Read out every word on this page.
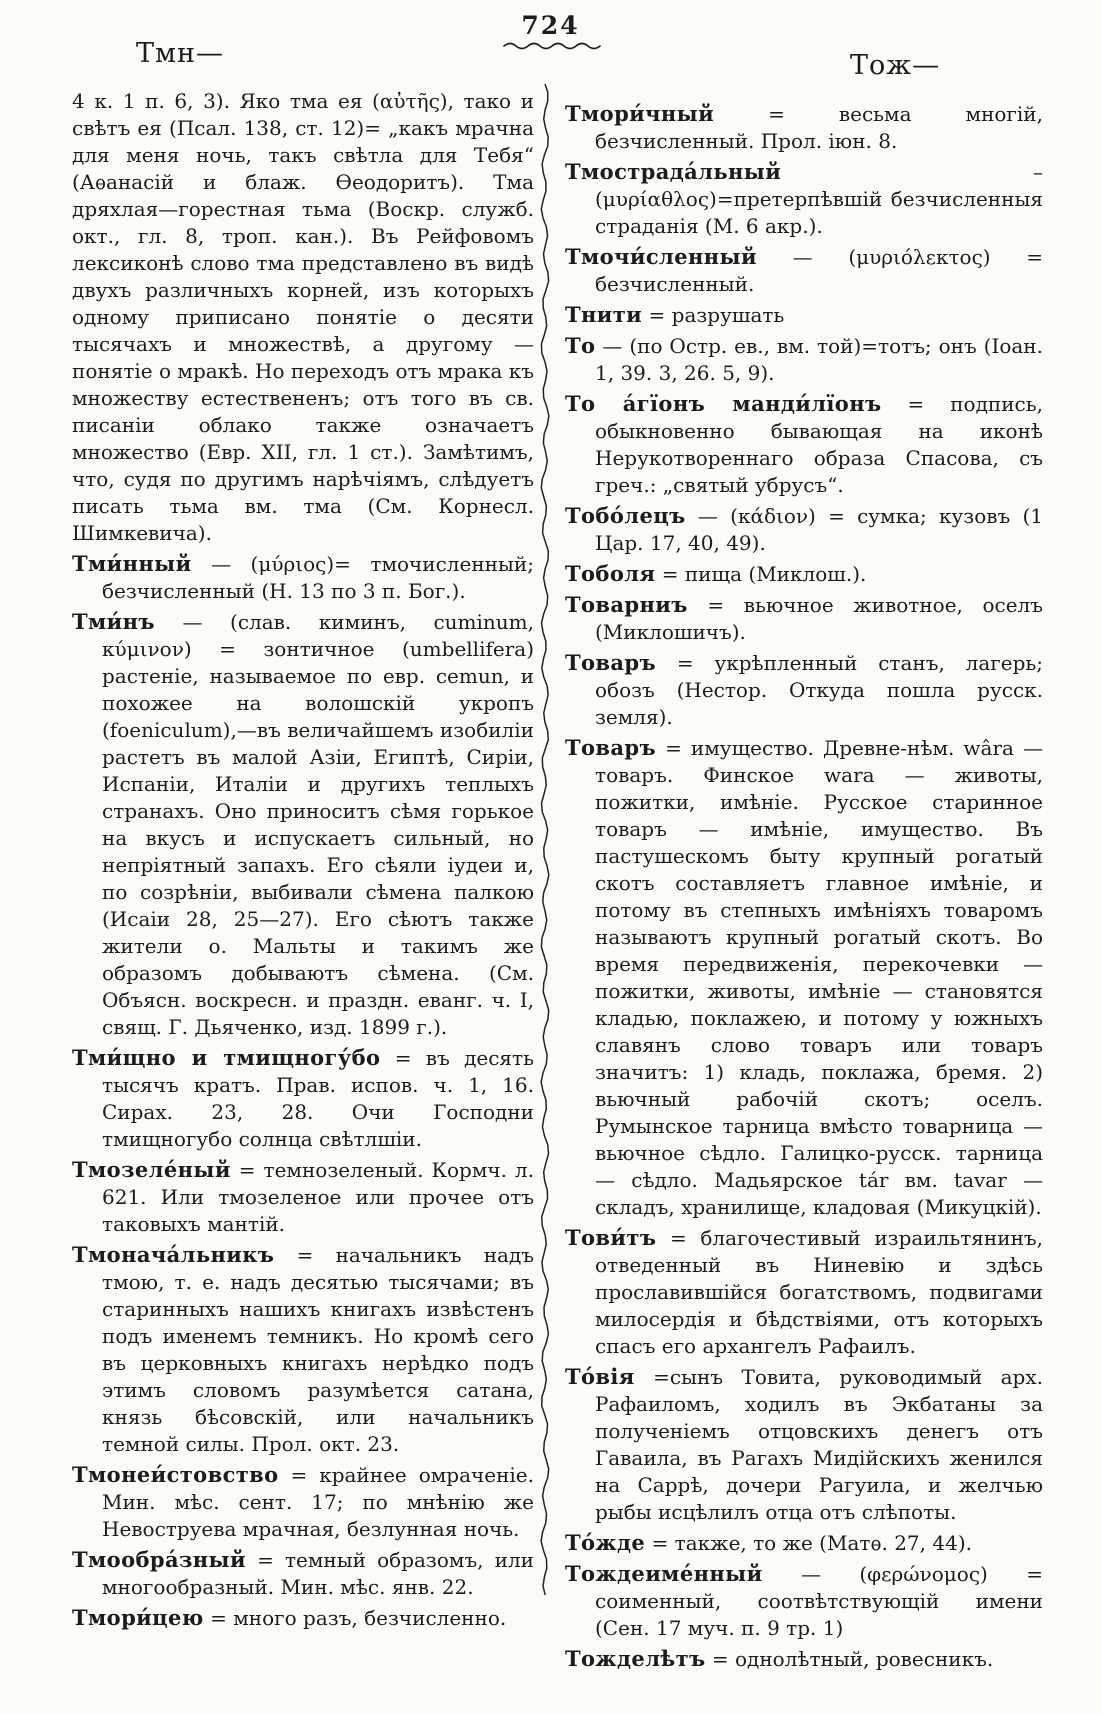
Тмн—
724
Тож—

4 к. 1 п. 6, 3). Яко тма ея (αὐτῆς), тако и свѣтъ ея (Псал. 138, ст. 12)= „какъ мрачна для меня ночь, такъ свѣтла для Тебя“ (Аѳанасій и блаж. Ѳеодоритъ). Тма дряхлая—горестная тьма (Воскр. служб. окт., гл. 8, троп. кан.). Въ Рейфовомъ лексиконѣ слово тма представлено въ видѣ двухъ различныхъ корней, изъ которыхъ одному приписано понятіе о десяти тысячахъ и множествѣ, а другому — понятіе о мракѣ. Но переходъ отъ мрака къ множеству естествененъ; отъ того въ св. писаніи облако также означаетъ множество (Евр. XII, гл. 1 ст.). Замѣтимъ, что, судя по другимъ нарѣчіямъ, слѣдуетъ писать тьма вм. тма (См. Корнесл. Шимкевича).

Тми́нный — (μύριος)= тмочисленный; безчисленный (Н. 13 по 3 п. Бог.).

Тми́нъ — (слав. киминъ, cuminum, κύμινον) = зонтичное (umbellifera) растеніе, называемое по евр. cemun, и похожее на волошскій укропъ (foeniculum),—въ величайшемъ изобиліи растетъ въ малой Азіи, Египтѣ, Сиріи, Испаніи, Италіи и другихъ теплыхъ странахъ. Оно приноситъ сѣмя горькое на вкусъ и испускаетъ сильный, но непріятный запахъ. Его сѣяли іудеи и, по созрѣніи, выбивали сѣмена палкою (Исаіи 28, 25—27). Его сѣютъ также жители о. Мальты и такимъ же образомъ добываютъ сѣмена. (См. Объясн. воскресн. и праздн. еванг. ч. I, свящ. Г. Дьяченко, изд. 1899 г.).

Тми́щно и тмищногу́бо = въ десять тысячъ кратъ. Прав. испов. ч. 1, 16. Сирах. 23, 28. Очи Господни тмищногубо солнца свѣтлшіи.

Тмозеле́ный = темнозеленый. Кормч. л. 621. Или тмозеленое или прочее отъ таковыхъ мантій.

Тмонача́льникъ = начальникъ надъ тмою, т. е. надъ десятью тысячами; въ старинныхъ нашихъ книгахъ извѣстенъ подъ именемъ темникъ. Но кромѣ сего въ церковныхъ книгахъ нерѣдко подъ этимъ словомъ разумѣется сатана, князь бѣсовскій, или начальникъ темной силы. Прол. окт. 23.

Тмонеи́стовство = крайнее омраченіе. Мин. мѣс. сент. 17; по мнѣнію же Невоструева мрачная, безлунная ночь.

Тмообра́зный = темный образомъ, или многообразный. Мин. мѣс. янв. 22.

Тмори́цею = много разъ, безчисленно.

Тмори́чный	= весьма многій, безчисленный. Прол. іюн. 8.

Тмострада́льный	– (μυρίαθλος)=претерпѣвшій безчисленныя страданія (М. 6 акр.).

Тмочи́сленный — (μυριόλεκτος) = безчисленный.

Тнити = разрушать

То — (по Остр. ев., вм. той)=тотъ; онъ (Іоан. 1, 39. 3, 26. 5, 9).

То а́гїонъ манди́лїонъ = подпись, обыкновенно бывающая на иконѣ Нерукотвореннаго образа Спасова, съ греч.: „святый убрусъ“.

Тобо́лецъ — (κάδιον) = сумка; кузовъ (1 Цар. 17, 40, 49).

Тоболя = пища (Миклош.).

Товарниъ = вьючное животное, оселъ (Миклошичъ).

Товаръ = укрѣпленный станъ, лагерь; обозъ (Нестор. Откуда пошла русск. земля).

Товаръ = имущество. Древне-нѣм. wâra — товаръ. Финское wara — животы, пожитки, имѣніе. Русское старинное товаръ — имѣніе, имущество. Въ пастушескомъ быту крупный рогатый скотъ составляетъ главное имѣніе, и потому въ степныхъ имѣніяхъ товаромъ называютъ крупный рогатый скотъ. Во время передвиженія, перекочевки — пожитки, животы, имѣніе — становятся кладью, поклажею, и потому у южныхъ славянъ слово товаръ или товаръ значитъ: 1) кладь, поклажа, бремя. 2) вьючный рабочій скотъ; оселъ. Румынское тарница вмѣсто товарница — вьючное сѣдло. Галицко-русск. тарница — сѣдло. Мадьярское tár вм. tavar — складъ, хранилище, кладовая (Микуцкій).

Тови́тъ = благочестивый израильтянинъ, отведенный въ Ниневію и здѣсь прославившійся богатствомъ, подвигами милосердія и бѣдствіями, отъ которыхъ спасъ его архангелъ Рафаилъ.

То́вія =сынъ Товита, руководимый арх. Рафаиломъ, ходилъ въ Экбатаны за полученіемъ отцовскихъ денегъ отъ Гаваила, въ Рагахъ Мидійскихъ женился на Саррѣ, дочери Рагуила, и желчью рыбы исцѣлилъ отца отъ слѣпоты.

То́жде = также, то же (Матѳ. 27, 44).

Тождеиме́нный — (φερώνομος) = соименный, соотвѣтствующій имени (Сен. 17 муч. п. 9 тр. 1)

Тожделѣтъ = однолѣтный, ровесникъ.
